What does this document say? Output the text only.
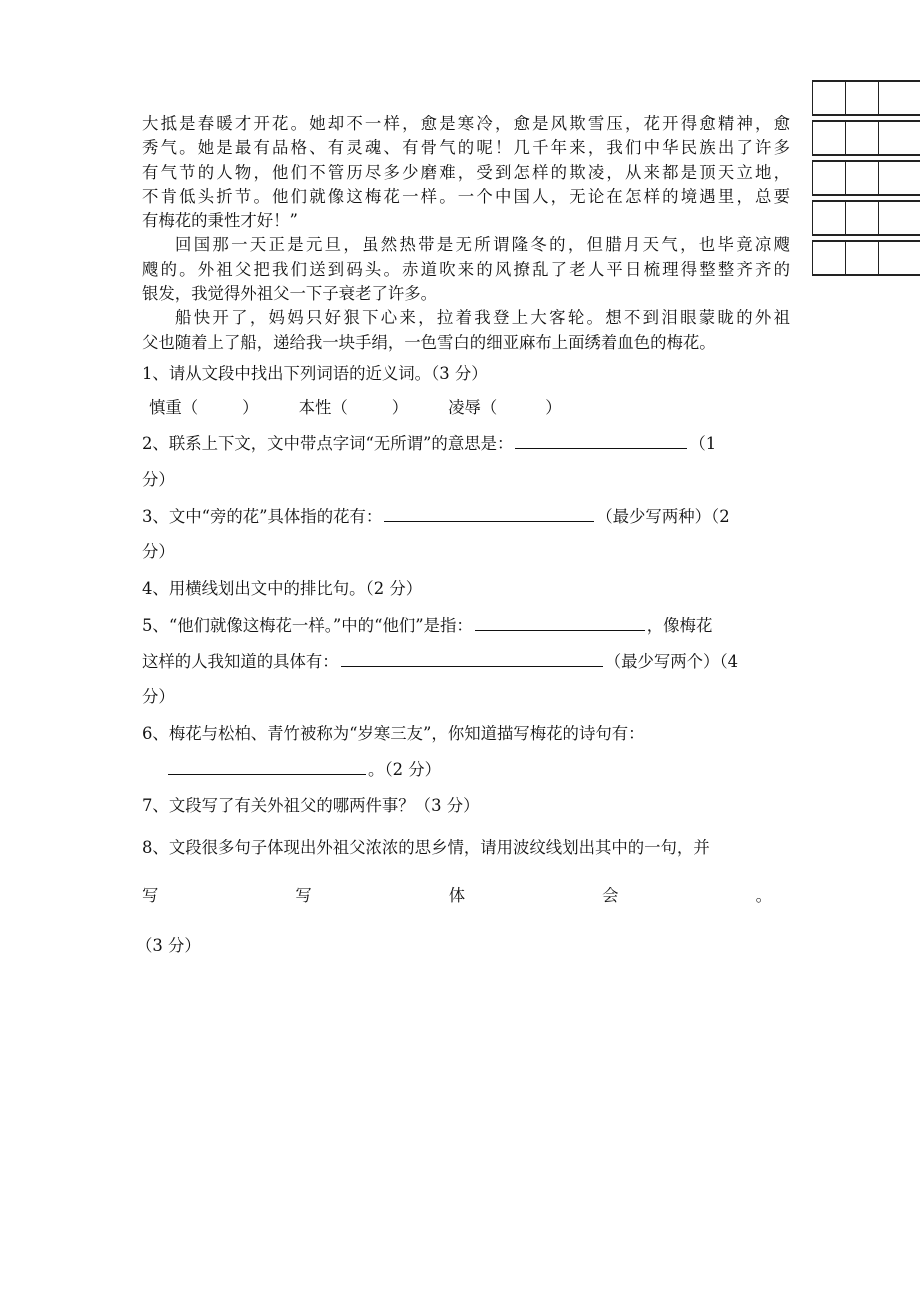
大抵是春暖才开花。她却不一样，愈是寒冷，愈是风欺雪压，花开得愈精神，愈
秀气。她是最有品格、有灵魂、有骨气的呢！几千年来，我们中华民族出了许多
有气节的人物，他们不管历尽多少磨难，受到怎样的欺凌，从来都是顶天立地，
不肯低头折节。他们就像这梅花一样。一个中国人，无论在怎样的境遇里，总要
有梅花的秉性才好！”
回国那一天正是元旦，虽然热带是无所谓隆冬的，但腊月天气，也毕竟凉飕
飕的。外祖父把我们送到码头。赤道吹来的风撩乱了老人平日梳理得整整齐齐的
银发，我觉得外祖父一下子衰老了许多。
船快开了，妈妈只好狠下心来，拉着我登上大客轮。想不到泪眼蒙眬的外祖
父也随着上了船，递给我一块手绢，一色雪白的细亚麻布上面绣着血色的梅花。
1、请从文段中找出下列词语的近义词。（3 分）
慎重（	） 本性（	） 凌辱（	）
2、联系上下文，文中带点字词“无所谓”的意思是：	（1
分）
3、文中“旁的花”具体指的花有：	（最少写两种）（2
分）
4、用横线划出文中的排比句。（2 分）
5、“他们就像这梅花一样。”中的“他们”是指：	，像梅花
这样的人我知道的具体有：	（最少写两个）（4
分）
6、梅花与松柏、青竹被称为“岁寒三友”，你知道描写梅花的诗句有：
。（2 分）
7、文段写了有关外祖父的哪两件事？（3 分）
8、文段很多句子体现出外祖父浓浓的思乡情，请用波纹线划出其中的一句，并
写	写	体	会	。
（3 分）
